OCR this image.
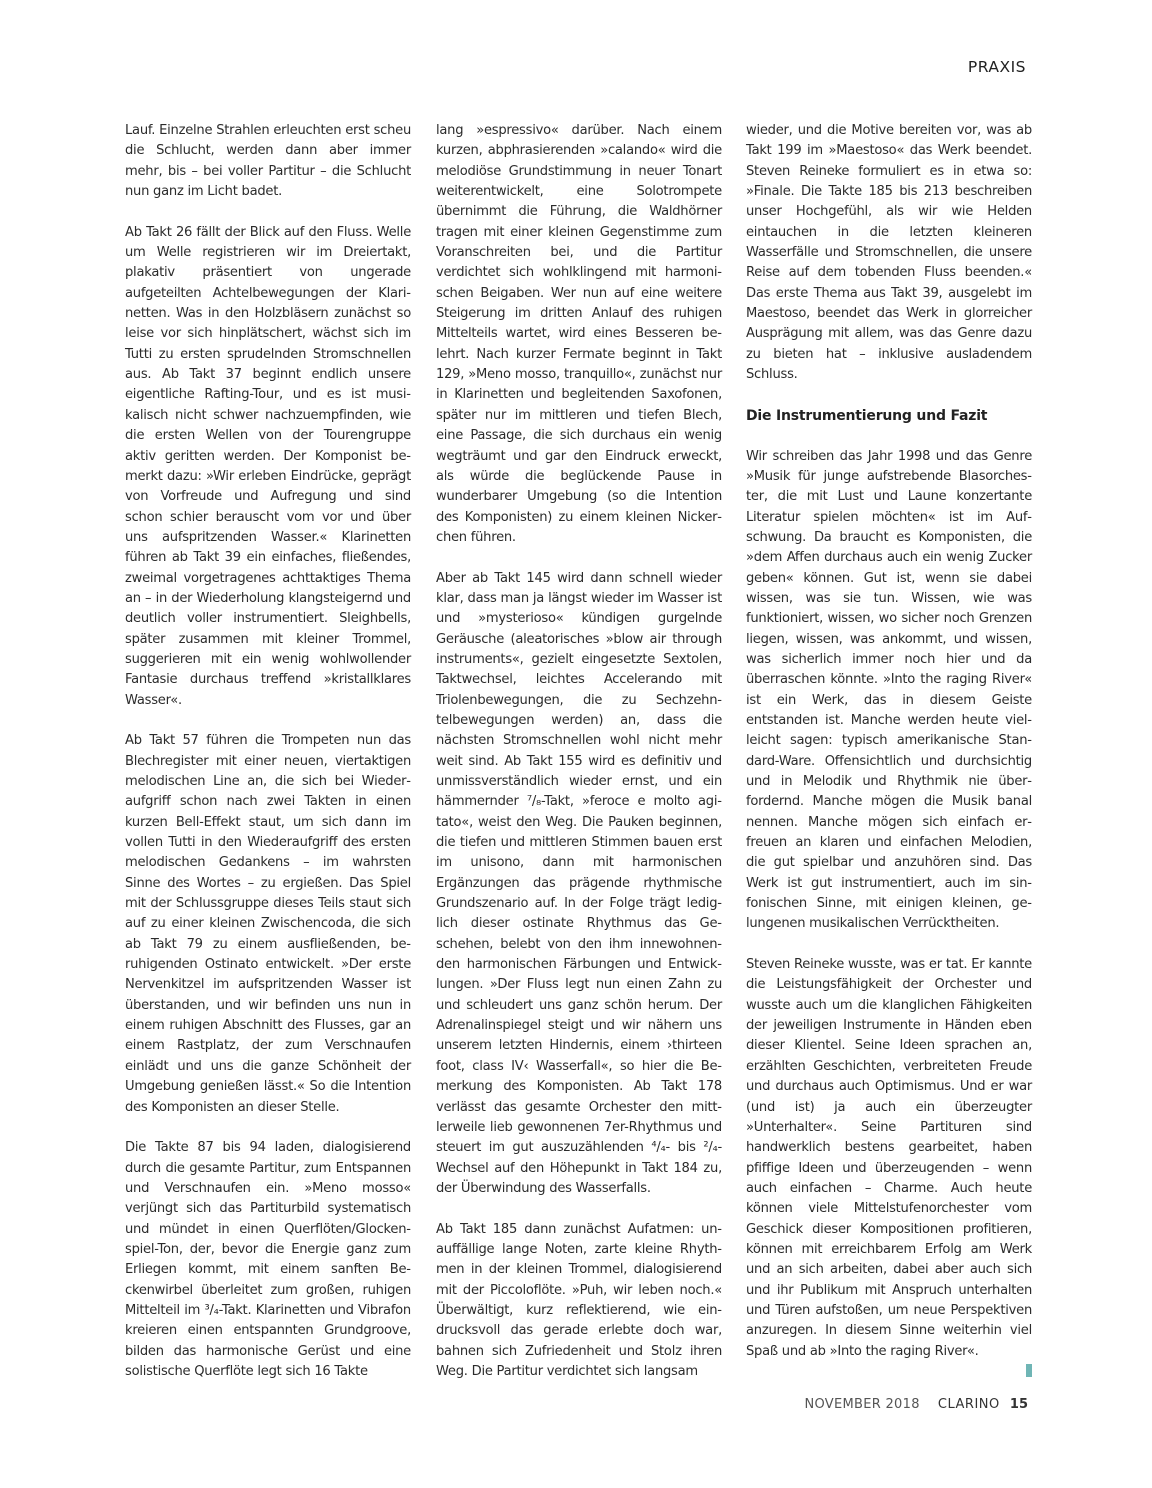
PRAXIS

Lauf. Einzelne Strahlen erleuchten erst scheu die Schlucht, werden dann aber immer mehr, bis – bei voller Partitur – die Schlucht nun ganz im Licht badet.

Ab Takt 26 fällt der Blick auf den Fluss. Welle um Welle registrieren wir im Dreiertakt, plakativ präsentiert von ungerade aufgeteilten Achtelbewegungen der Klarinetten. Was in den Holzbläsern zunächst so leise vor sich hinplätschert, wächst sich im Tutti zu ersten sprudelnden Stromschnellen aus. Ab Takt 37 beginnt endlich unsere eigentliche Rafting-Tour, und es ist musikalisch nicht schwer nachzuempfinden, wie die ersten Wellen von der Tourengruppe aktiv geritten werden. Der Komponist bemerkt dazu: »Wir erleben Eindrücke, geprägt von Vorfreude und Aufregung und sind schon schier berauscht vom vor und über uns aufspritzenden Wasser.« Klarinetten führen ab Takt 39 ein einfaches, fließendes, zweimal vorgetragenes achttaktiges Thema an – in der Wiederholung klangsteigernd und deutlich voller instrumentiert. Sleighbells, später zusammen mit kleiner Trommel, suggerieren mit ein wenig wohlwollender Fantasie durchaus treffend »kristallklares Wasser«.

Ab Takt 57 führen die Trompeten nun das Blechregister mit einer neuen, viertaktigen melodischen Line an, die sich bei Wiederaufgriff schon nach zwei Takten in einen kurzen Bell-Effekt staut, um sich dann im vollen Tutti in den Wiederaufgriff des ersten melodischen Gedankens – im wahrsten Sinne des Wortes – zu ergießen. Das Spiel mit der Schlussgruppe dieses Teils staut sich auf zu einer kleinen Zwischencoda, die sich ab Takt 79 zu einem ausfließenden, beruhigenden Ostinato entwickelt. »Der erste Nervenkitzel im aufspritzenden Wasser ist überstanden, und wir befinden uns nun in einem ruhigen Abschnitt des Flusses, gar an einem Rastplatz, der zum Verschnaufen einlädt und uns die ganze Schönheit der Umgebung genießen lässt.« So die Intention des Komponisten an dieser Stelle.

Die Takte 87 bis 94 laden, dialogisierend durch die gesamte Partitur, zum Entspannen und Verschnaufen ein. »Meno mosso« verjüngt sich das Partiturbild systematisch und mündet in einen Querflöten/Glockenspiel-Ton, der, bevor die Energie ganz zum Erliegen kommt, mit einem sanften Beckenwirbel überleitet zum großen, ruhigen Mittelteil im ³/₄-Takt. Klarinetten und Vibrafon kreieren einen entspannten Grundgroove, bilden das harmonische Gerüst und eine solistische Querflöte legt sich 16 Takte

lang »espressivo« darüber. Nach einem kurzen, abphrasierenden »calando« wird die melodiöse Grundstimmung in neuer Tonart weiterentwickelt, eine Solotrompete übernimmt die Führung, die Waldhörner tragen mit einer kleinen Gegenstimme zum Voranschreiten bei, und die Partitur verdichtet sich wohlklingend mit harmonischen Beigaben. Wer nun auf eine weitere Steigerung im dritten Anlauf des ruhigen Mittelteils wartet, wird eines Besseren belehrt. Nach kurzer Fermate beginnt in Takt 129, »Meno mosso, tranquillo«, zunächst nur in Klarinetten und begleitenden Saxofonen, später nur im mittleren und tiefen Blech, eine Passage, die sich durchaus ein wenig wegträumt und gar den Eindruck erweckt, als würde die beglückende Pause in wunderbarer Umgebung (so die Intention des Komponisten) zu einem kleinen Nickerchen führen.

Aber ab Takt 145 wird dann schnell wieder klar, dass man ja längst wieder im Wasser ist und »mysterioso« kündigen gurgelnde Geräusche (aleatorisches »blow air through instruments«, gezielt eingesetzte Sextolen, Taktwechsel, leichtes Accelerando mit Triolenbewegungen, die zu Sechzehntelbewegungen werden) an, dass die nächsten Stromschnellen wohl nicht mehr weit sind. Ab Takt 155 wird es definitiv und unmissverständlich wieder ernst, und ein hämmernder ⁷/₈-Takt, »feroce e molto agitato«, weist den Weg. Die Pauken beginnen, die tiefen und mittleren Stimmen bauen erst im unisono, dann mit harmonischen Ergänzungen das prägende rhythmische Grundszenario auf. In der Folge trägt lediglich dieser ostinate Rhythmus das Geschehen, belebt von den ihm innewohnenden harmonischen Färbungen und Entwicklungen. »Der Fluss legt nun einen Zahn zu und schleudert uns ganz schön herum. Der Adrenalinspiegel steigt und wir nähern uns unserem letzten Hindernis, einem ›thirteen foot, class IV‹ Wasserfall«, so hier die Bemerkung des Komponisten. Ab Takt 178 verlässt das gesamte Orchester den mittlerweile lieb gewonnenen 7er-Rhythmus und steuert im gut auszuzählenden ⁴/₄- bis ²/₄-Wechsel auf den Höhepunkt in Takt 184 zu, der Überwindung des Wasserfalls.

Ab Takt 185 dann zunächst Aufatmen: unauffällige lange Noten, zarte kleine Rhythmen in der kleinen Trommel, dialogisierend mit der Piccoloflöte. »Puh, wir leben noch.« Überwältigt, kurz reflektierend, wie eindrucksvoll das gerade erlebte doch war, bahnen sich Zufriedenheit und Stolz ihren Weg. Die Partitur verdichtet sich langsam

wieder, und die Motive bereiten vor, was ab Takt 199 im »Maestoso« das Werk beendet. Steven Reineke formuliert es in etwa so: »Finale. Die Takte 185 bis 213 beschreiben unser Hochgefühl, als wir wie Helden eintauchen in die letzten kleineren Wasserfälle und Stromschnellen, die unsere Reise auf dem tobenden Fluss beenden.« Das erste Thema aus Takt 39, ausgelebt im Maestoso, beendet das Werk in glorreicher Ausprägung mit allem, was das Genre dazu zu bieten hat – inklusive ausladendem Schluss.

Die Instrumentierung und Fazit

Wir schreiben das Jahr 1998 und das Genre »Musik für junge aufstrebende Blasorchester, die mit Lust und Laune konzertante Literatur spielen möchten« ist im Aufschwung. Da braucht es Komponisten, die »dem Affen durchaus auch ein wenig Zucker geben« können. Gut ist, wenn sie dabei wissen, was sie tun. Wissen, wie was funktioniert, wissen, wo sicher noch Grenzen liegen, wissen, was ankommt, und wissen, was sicherlich immer noch hier und da überraschen könnte. »Into the raging River« ist ein Werk, das in diesem Geiste entstanden ist. Manche werden heute vielleicht sagen: typisch amerikanische Standard-Ware. Offensichtlich und durchsichtig und in Melodik und Rhythmik nie überfordernd. Manche mögen die Musik banal nennen. Manche mögen sich einfach erfreuen an klaren und einfachen Melodien, die gut spielbar und anzuhören sind. Das Werk ist gut instrumentiert, auch im sinfonischen Sinne, mit einigen kleinen, gelungenen musikalischen Verrücktheiten.

Steven Reineke wusste, was er tat. Er kannte die Leistungsfähigkeit der Orchester und wusste auch um die klanglichen Fähigkeiten der jeweiligen Instrumente in Händen eben dieser Klientel. Seine Ideen sprachen an, erzählten Geschichten, verbreiteten Freude und durchaus auch Optimismus. Und er war (und ist) ja auch ein überzeugter »Unterhalter«. Seine Partituren sind handwerklich bestens gearbeitet, haben pfiffige Ideen und überzeugenden – wenn auch einfachen – Charme. Auch heute können viele Mittelstufenorchester vom Geschick dieser Kompositionen profitieren, können mit erreichbarem Erfolg am Werk und an sich arbeiten, dabei aber auch sich und ihr Publikum mit Anspruch unterhalten und Türen aufstoßen, um neue Perspektiven anzuregen. In diesem Sinne weiterhin viel Spaß und ab »Into the raging River«.

NOVEMBER 2018 CLARINO 15
